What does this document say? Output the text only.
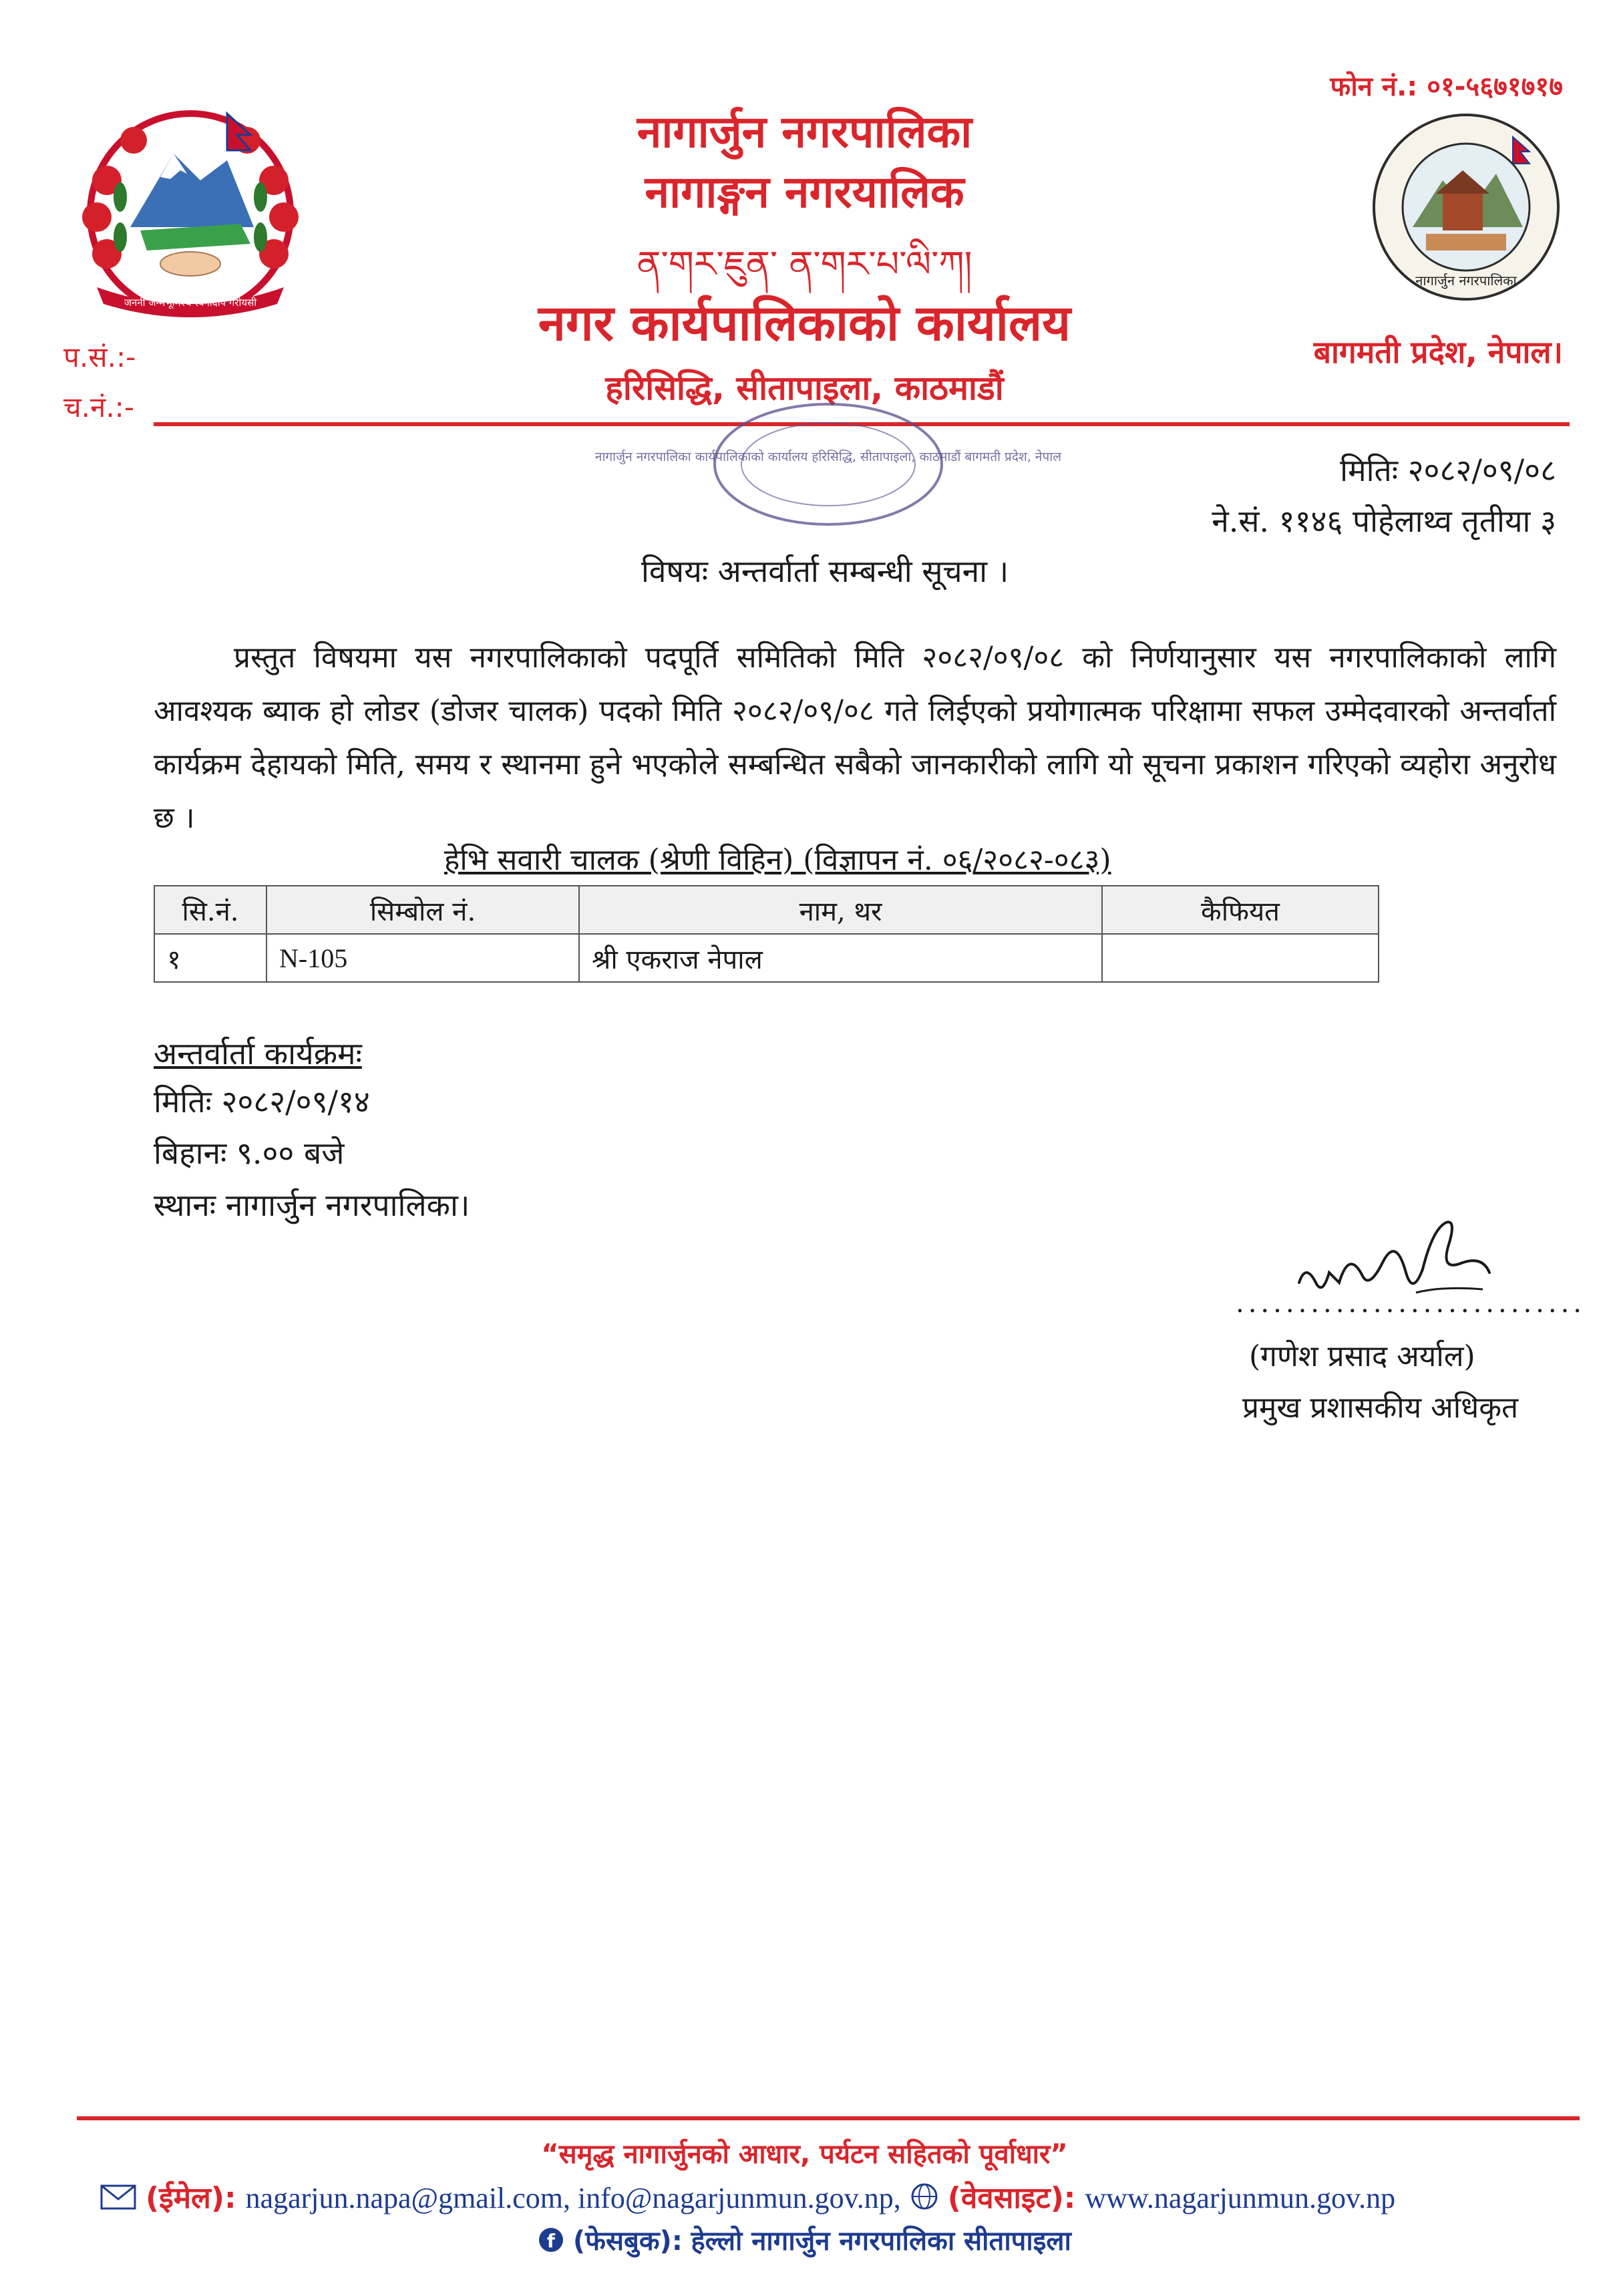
जननी जन्मभूमिश्च स्वर्गादपि गरीयसी
नागार्जुन नगरपालिका
फोन नं.: ०१-५६७१७१७
नागार्जुन नगरपालिका
नागाङ्गन नगरयालिक
ན་གར་ཇུན་ ན་གར་པ་ལི་ཀ།
नगर कार्यपालिकाको कार्यालय
हरिसिद्धि, सीतापाइला, काठमाडौं
बागमती प्रदेश, नेपाल।
प.सं.:-
च.नं.:-
नागार्जुन नगरपालिका कार्यपालिकाको कार्यालय हरिसिद्धि, सीतापाइला, काठमाडौं बागमती प्रदेश, नेपाल	मितिः २०८२/०९/०८
ने.सं. ११४६ पोहेलाथ्व तृतीया ३
विषयः अन्तर्वार्ता सम्बन्धी सूचना ।
प्रस्तुत विषयमा यस नगरपालिकाको पदपूर्ति समितिको मिति २०८२/०९/०८ को निर्णयानुसार यस नगरपालिकाको लागि आवश्यक ब्याक हो लोडर (डोजर चालक) पदको मिति २०८२/०९/०८ गते लिईएको प्रयोगात्मक परिक्षामा सफल उम्मेदवारको अन्तर्वार्ता कार्यक्रम देहायको मिति, समय र स्थानमा हुने भएकोले सम्बन्धित सबैको जानकारीको लागि यो सूचना प्रकाशन गरिएको व्यहोरा अनुरोध छ ।
हेभि सवारी चालक (श्रेणी विहिन) (विज्ञापन नं. ०६/२०८२-०८३)
सि.नं.	सिम्बोल नं.	नाम, थर	कैफियत
१	N-105	श्री एकराज नेपाल	
अन्तर्वार्ता कार्यक्रमः
मितिः २०८२/०९/१४
बिहानः ९.०० बजे
स्थानः नागार्जुन नगरपालिका।
............................
(गणेश प्रसाद अर्याल)
प्रमुख प्रशासकीय अधिकृत
“समृद्ध नागार्जुनको आधार, पर्यटन सहितको पूर्वाधार”
(ईमेल): nagarjun.napa@gmail.com, info@nagarjunmun.gov.np, (वेवसाइट): www.nagarjunmun.gov.np
f (फेसबुक): हेल्लो नागार्जुन नगरपालिका सीतापाइला
